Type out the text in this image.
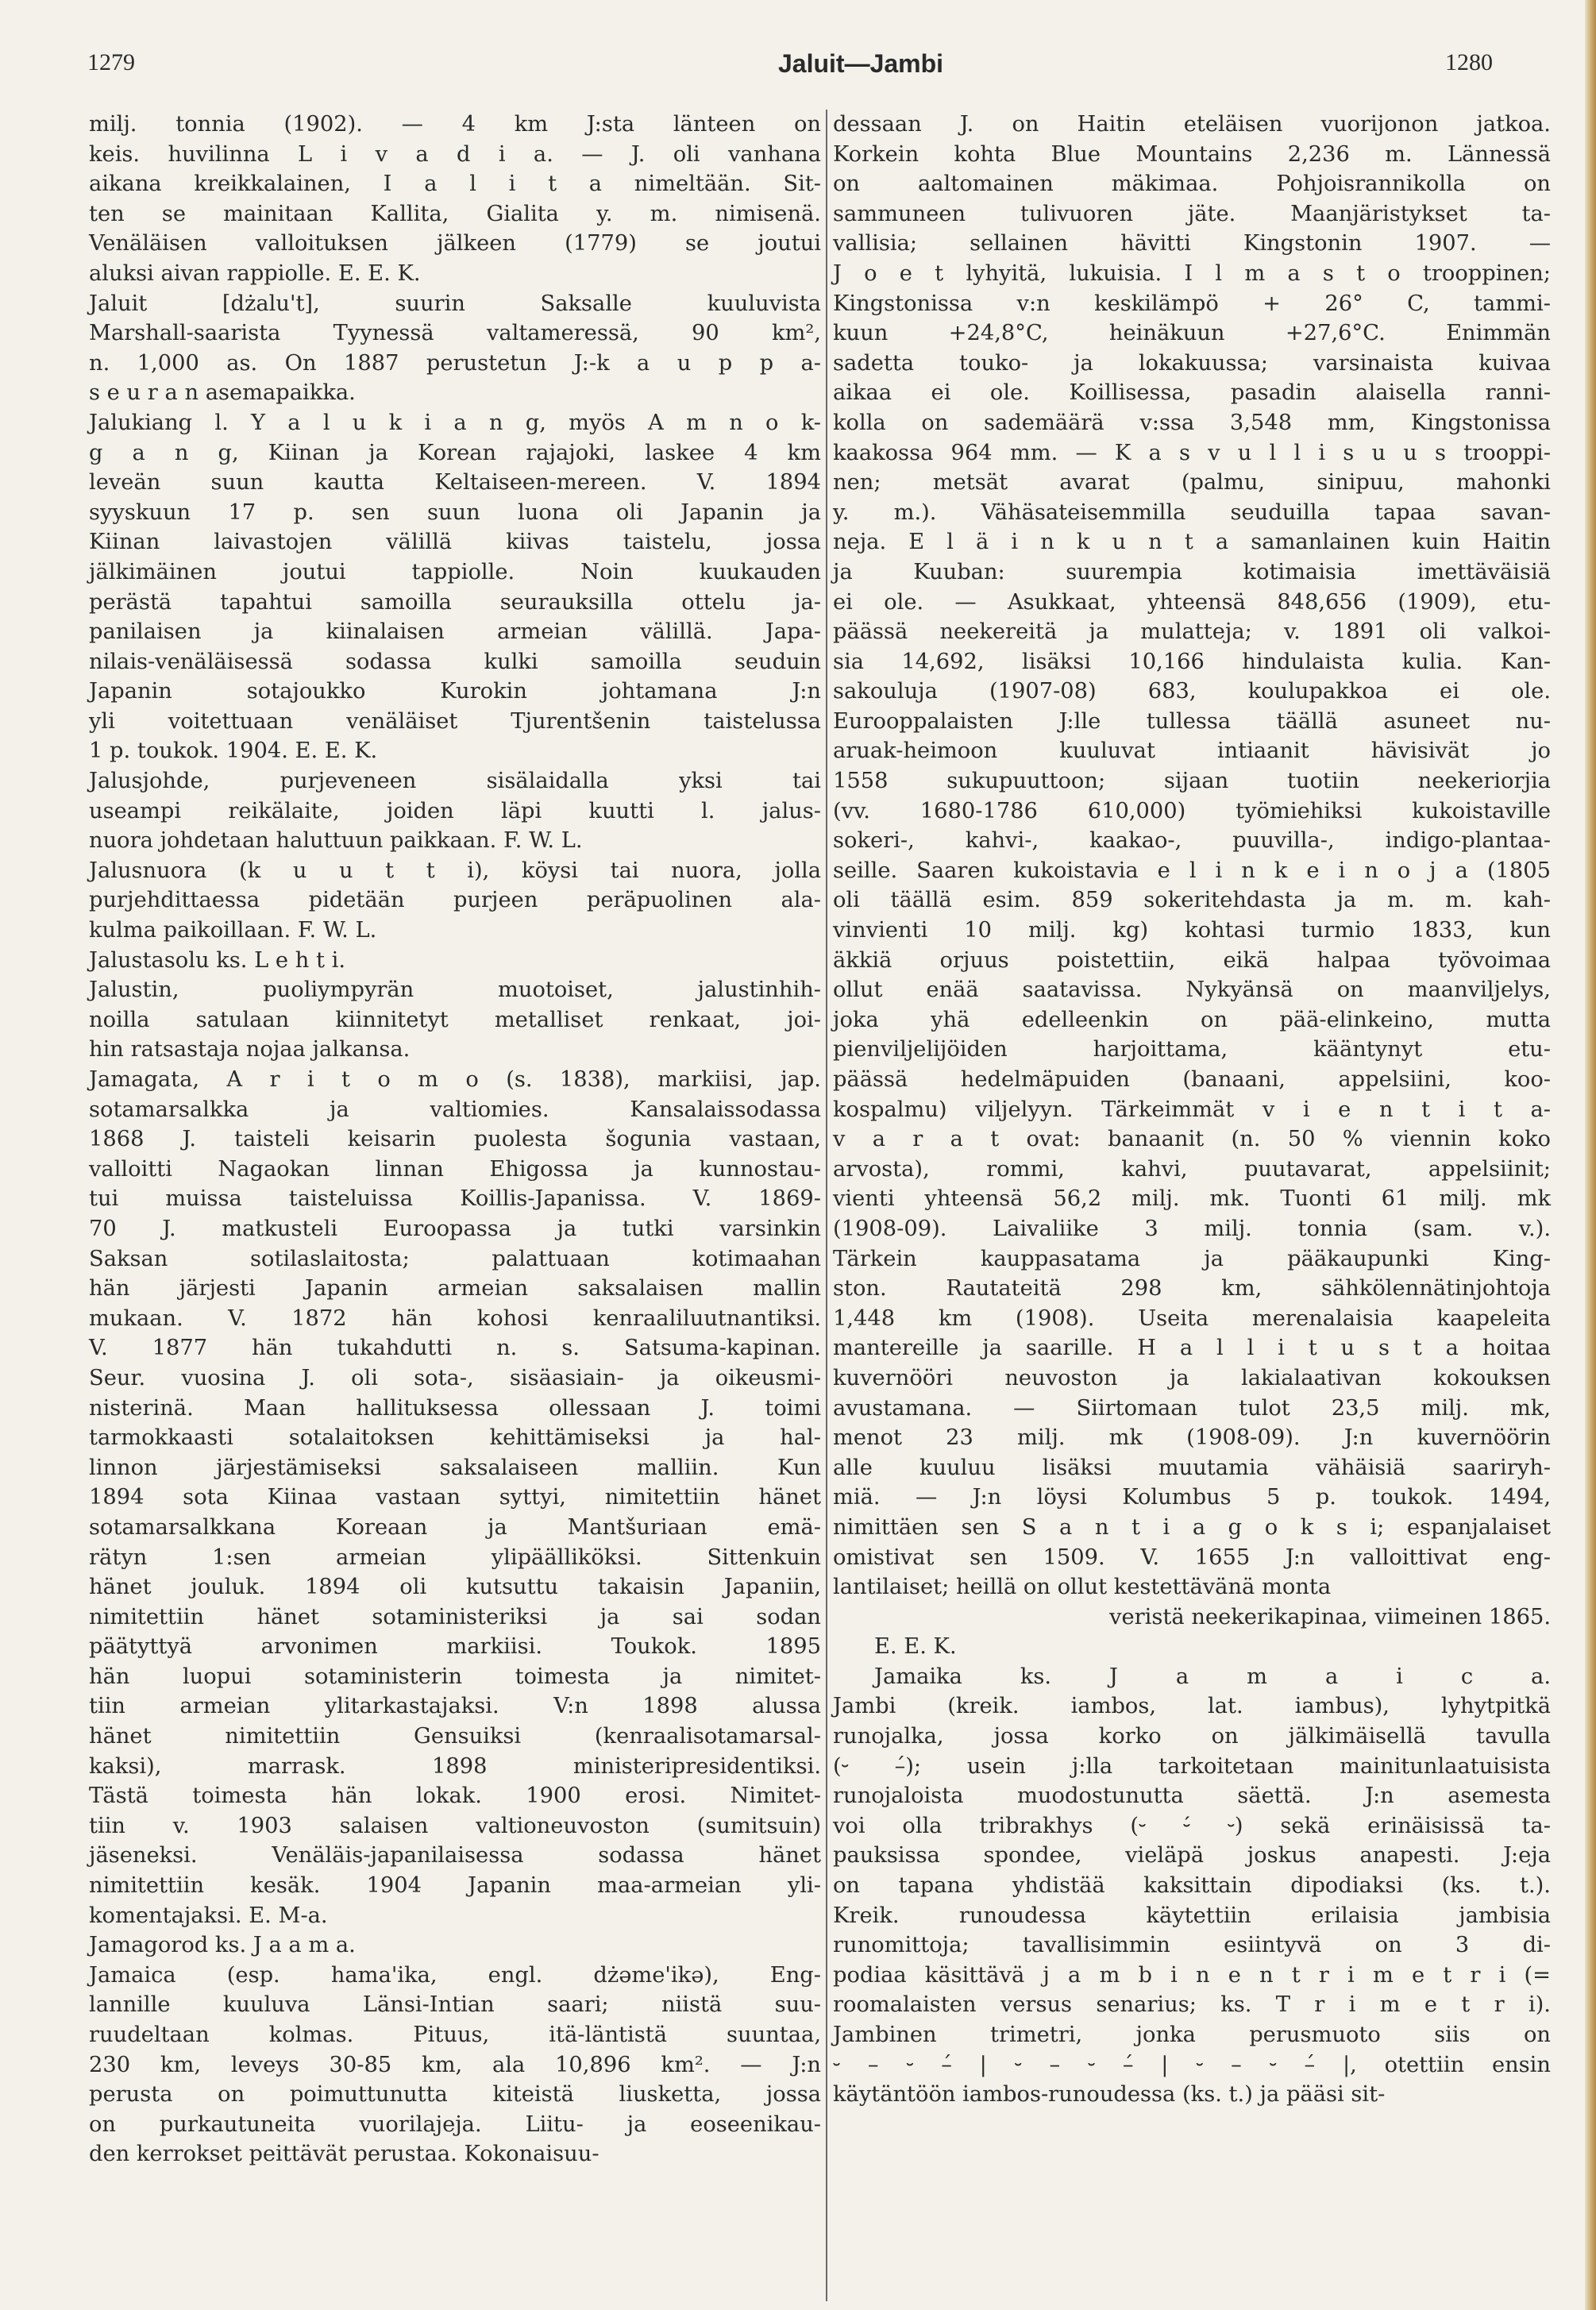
1279	Jaluit—Jambi	1280
milj. tonnia (1902). — 4 km J:sta länteen on
keis. huvilinna L i v a d i a. — J. oli vanhana
aikana kreikkalainen, I a l i t a nimeltään. Sit-
ten se mainitaan Kallita, Gialita y. m. nimisenä.
Venäläisen valloituksen jälkeen (1779) se joutui
aluksi aivan rappiolle. E. E. K.
Jaluit [dżalu't], suurin Saksalle kuuluvista
Marshall-saarista Tyynessä valtameressä, 90 km²,
n. 1,000 as. On 1887 perustetun J:-k a u p p a-
s e u r a n asemapaikka.
Jalukiang l. Y a l u k i a n g, myös A m n o k-
g a n g, Kiinan ja Korean rajajoki, laskee 4 km
leveän suun kautta Keltaiseen-mereen. V. 1894
syyskuun 17 p. sen suun luona oli Japanin ja
Kiinan laivastojen välillä kiivas taistelu, jossa
jälkimäinen joutui tappiolle. Noin kuukauden
perästä tapahtui samoilla seurauksilla ottelu ja-
panilaisen ja kiinalaisen armeian välillä. Japa-
nilais-venäläisessä sodassa kulki samoilla seuduin
Japanin sotajoukko Kurokin johtamana J:n
yli voitettuaan venäläiset Tjurentšenin taistelussa
1 p. toukok. 1904. E. E. K.
Jalusjohde, purjeveneen sisälaidalla yksi tai
useampi reikälaite, joiden läpi kuutti l. jalus-
nuora johdetaan haluttuun paikkaan. F. W. L.
Jalusnuora (k u u t t i), köysi tai nuora, jolla
purjehdittaessa pidetään purjeen peräpuolinen ala-
kulma paikoillaan. F. W. L.
Jalustasolu ks. L e h t i.
Jalustin, puoliympyrän muotoiset, jalustinhih-
noilla satulaan kiinnitetyt metalliset renkaat, joi-
hin ratsastaja nojaa jalkansa.
Jamagata, A r i t o m o (s. 1838), markiisi, jap.
sotamarsalkka ja valtiomies. Kansalaissodassa
1868 J. taisteli keisarin puolesta šogunia vastaan,
valloitti Nagaokan linnan Ehigossa ja kunnostau-
tui muissa taisteluissa Koillis-Japanissa. V. 1869-
70 J. matkusteli Euroopassa ja tutki varsinkin
Saksan sotilaslaitosta; palattuaan kotimaahan
hän järjesti Japanin armeian saksalaisen mallin
mukaan. V. 1872 hän kohosi kenraaliluutnantiksi.
V. 1877 hän tukahdutti n. s. Satsuma-kapinan.
Seur. vuosina J. oli sota-, sisäasiain- ja oikeusmi-
nisterinä. Maan hallituksessa ollessaan J. toimi
tarmokkaasti sotalaitoksen kehittämiseksi ja hal-
linnon järjestämiseksi saksalaiseen malliin. Kun
1894 sota Kiinaa vastaan syttyi, nimitettiin hänet
sotamarsalkkana Koreaan ja Mantšuriaan emä-
rätyn 1:sen armeian ylipäälliköksi. Sittenkuin
hänet jouluk. 1894 oli kutsuttu takaisin Japaniin,
nimitettiin hänet sotaministeriksi ja sai sodan
päätyttyä arvonimen markiisi. Toukok. 1895
hän luopui sotaministerin toimesta ja nimitet-
tiin armeian ylitarkastajaksi. V:n 1898 alussa
hänet nimitettiin Gensuiksi (kenraalisotamarsal-
kaksi), marrask. 1898 ministeripresidentiksi.
Tästä toimesta hän lokak. 1900 erosi. Nimitet-
tiin v. 1903 salaisen valtioneuvoston (sumitsuin)
jäseneksi. Venäläis-japanilaisessa sodassa hänet
nimitettiin kesäk. 1904 Japanin maa-armeian yli-
komentajaksi. E. M-a.
Jamagorod ks. J a a m a.
Jamaica (esp. hama'ika, engl. dżəme'ikə), Eng-
lannille kuuluva Länsi-Intian saari; niistä suu-
ruudeltaan kolmas. Pituus, itä-läntistä suuntaa,
230 km, leveys 30-85 km, ala 10,896 km². — J:n
perusta on poimuttunutta kiteistä liusketta, jossa
on purkautuneita vuorilajeja. Liitu- ja eoseenikau-
den kerrokset peittävät perustaa. Kokonaisuu-
dessaan J. on Haitin eteläisen vuorijonon jatkoa.
Korkein kohta Blue Mountains 2,236 m. Lännessä
on aaltomainen mäkimaa. Pohjoisrannikolla on
sammuneen tulivuoren jäte. Maanjäristykset ta-
vallisia; sellainen hävitti Kingstonin 1907. —
J o e t lyhyitä, lukuisia. I l m a s t o trooppinen;
Kingstonissa v:n keskilämpö + 26° C, tammi-
kuun +24,8°C, heinäkuun +27,6°C. Enimmän
sadetta touko- ja lokakuussa; varsinaista kuivaa
aikaa ei ole. Koillisessa, pasadin alaisella ranni-
kolla on sademäärä v:ssa 3,548 mm, Kingstonissa
kaakossa 964 mm. — K a s v u l l i s u u s trooppi-
nen; metsät avarat (palmu, sinipuu, mahonki
y. m.). Vähäsateisemmilla seuduilla tapaa savan-
neja. E l ä i n k u n t a samanlainen kuin Haitin
ja Kuuban: suurempia kotimaisia imettäväisiä
ei ole. — Asukkaat, yhteensä 848,656 (1909), etu-
päässä neekereitä ja mulatteja; v. 1891 oli valkoi-
sia 14,692, lisäksi 10,166 hindulaista kulia. Kan-
sakouluja (1907-08) 683, koulupakkoa ei ole.
Eurooppalaisten J:lle tullessa täällä asuneet nu-
aruak-heimoon kuuluvat intiaanit hävisivät jo
1558 sukupuuttoon; sijaan tuotiin neekeriorjia
(vv. 1680-1786 610,000) työmiehiksi kukoistaville
sokeri-, kahvi-, kaakao-, puuvilla-, indigo-plantaa-
seille. Saaren kukoistavia e l i n k e i n o j a (1805
oli täällä esim. 859 sokeritehdasta ja m. m. kah-
vinvienti 10 milj. kg) kohtasi turmio 1833, kun
äkkiä orjuus poistettiin, eikä halpaa työvoimaa
ollut enää saatavissa. Nykyänsä on maanviljelys,
joka yhä edelleenkin on pää-elinkeino, mutta
pienviljelijöiden harjoittama, kääntynyt etu-
päässä hedelmäpuiden (banaani, appelsiini, koo-
kospalmu) viljelyyn. Tärkeimmät v i e n t i t a-
v a r a t ovat: banaanit (n. 50 % viennin koko
arvosta), rommi, kahvi, puutavarat, appelsiinit;
vienti yhteensä 56,2 milj. mk. Tuonti 61 milj. mk
(1908-09). Laivaliike 3 milj. tonnia (sam. v.).
Tärkein kauppasatama ja pääkaupunki King-
ston. Rautateitä 298 km, sähkölennätinjohtoja
1,448 km (1908). Useita merenalaisia kaapeleita
mantereille ja saarille. H a l l i t u s t a hoitaa
kuvernööri neuvoston ja lakialaativan kokouksen
avustamana. — Siirtomaan tulot 23,5 milj. mk,
menot 23 milj. mk (1908-09). J:n kuvernöörin
alle kuuluu lisäksi muutamia vähäisiä saariryh-
miä. — J:n löysi Kolumbus 5 p. toukok. 1494,
nimittäen sen S a n t i a g o k s i; espanjalaiset
omistivat sen 1509. V. 1655 J:n valloittivat eng-
lantilaiset; heillä on ollut kestettävänä monta
veristä neekerikapinaa, viimeinen 1865.
E. E. K.
Jamaika ks. J a m a i c a.
Jambi (kreik. iambos, lat. iambus), lyhytpitkä
runojalka, jossa korko on jälkimäisellä tavulla
(⏑ –́); usein j:lla tarkoitetaan mainitunlaatuisista
runojaloista muodostunutta säettä. J:n asemesta
voi olla tribrakhys (⏑ ⏑́ ⏑) sekä erinäisissä ta-
pauksissa spondee, vieläpä joskus anapesti. J:eja
on tapana yhdistää kaksittain dipodiaksi (ks. t.).
Kreik. runoudessa käytettiin erilaisia jambisia
runomittoja; tavallisimmin esiintyvä on 3 di-
podiaa käsittävä j a m b i n e n t r i m e t r i (=
roomalaisten versus senarius; ks. T r i m e t r i).
Jambinen trimetri, jonka perusmuoto siis on
⏑ – ⏑ –́ | ⏑ – ⏑ –́ | ⏑ – ⏑ –́ |, otettiin ensin
käytäntöön iambos-runoudessa (ks. t.) ja pääsi sit-
